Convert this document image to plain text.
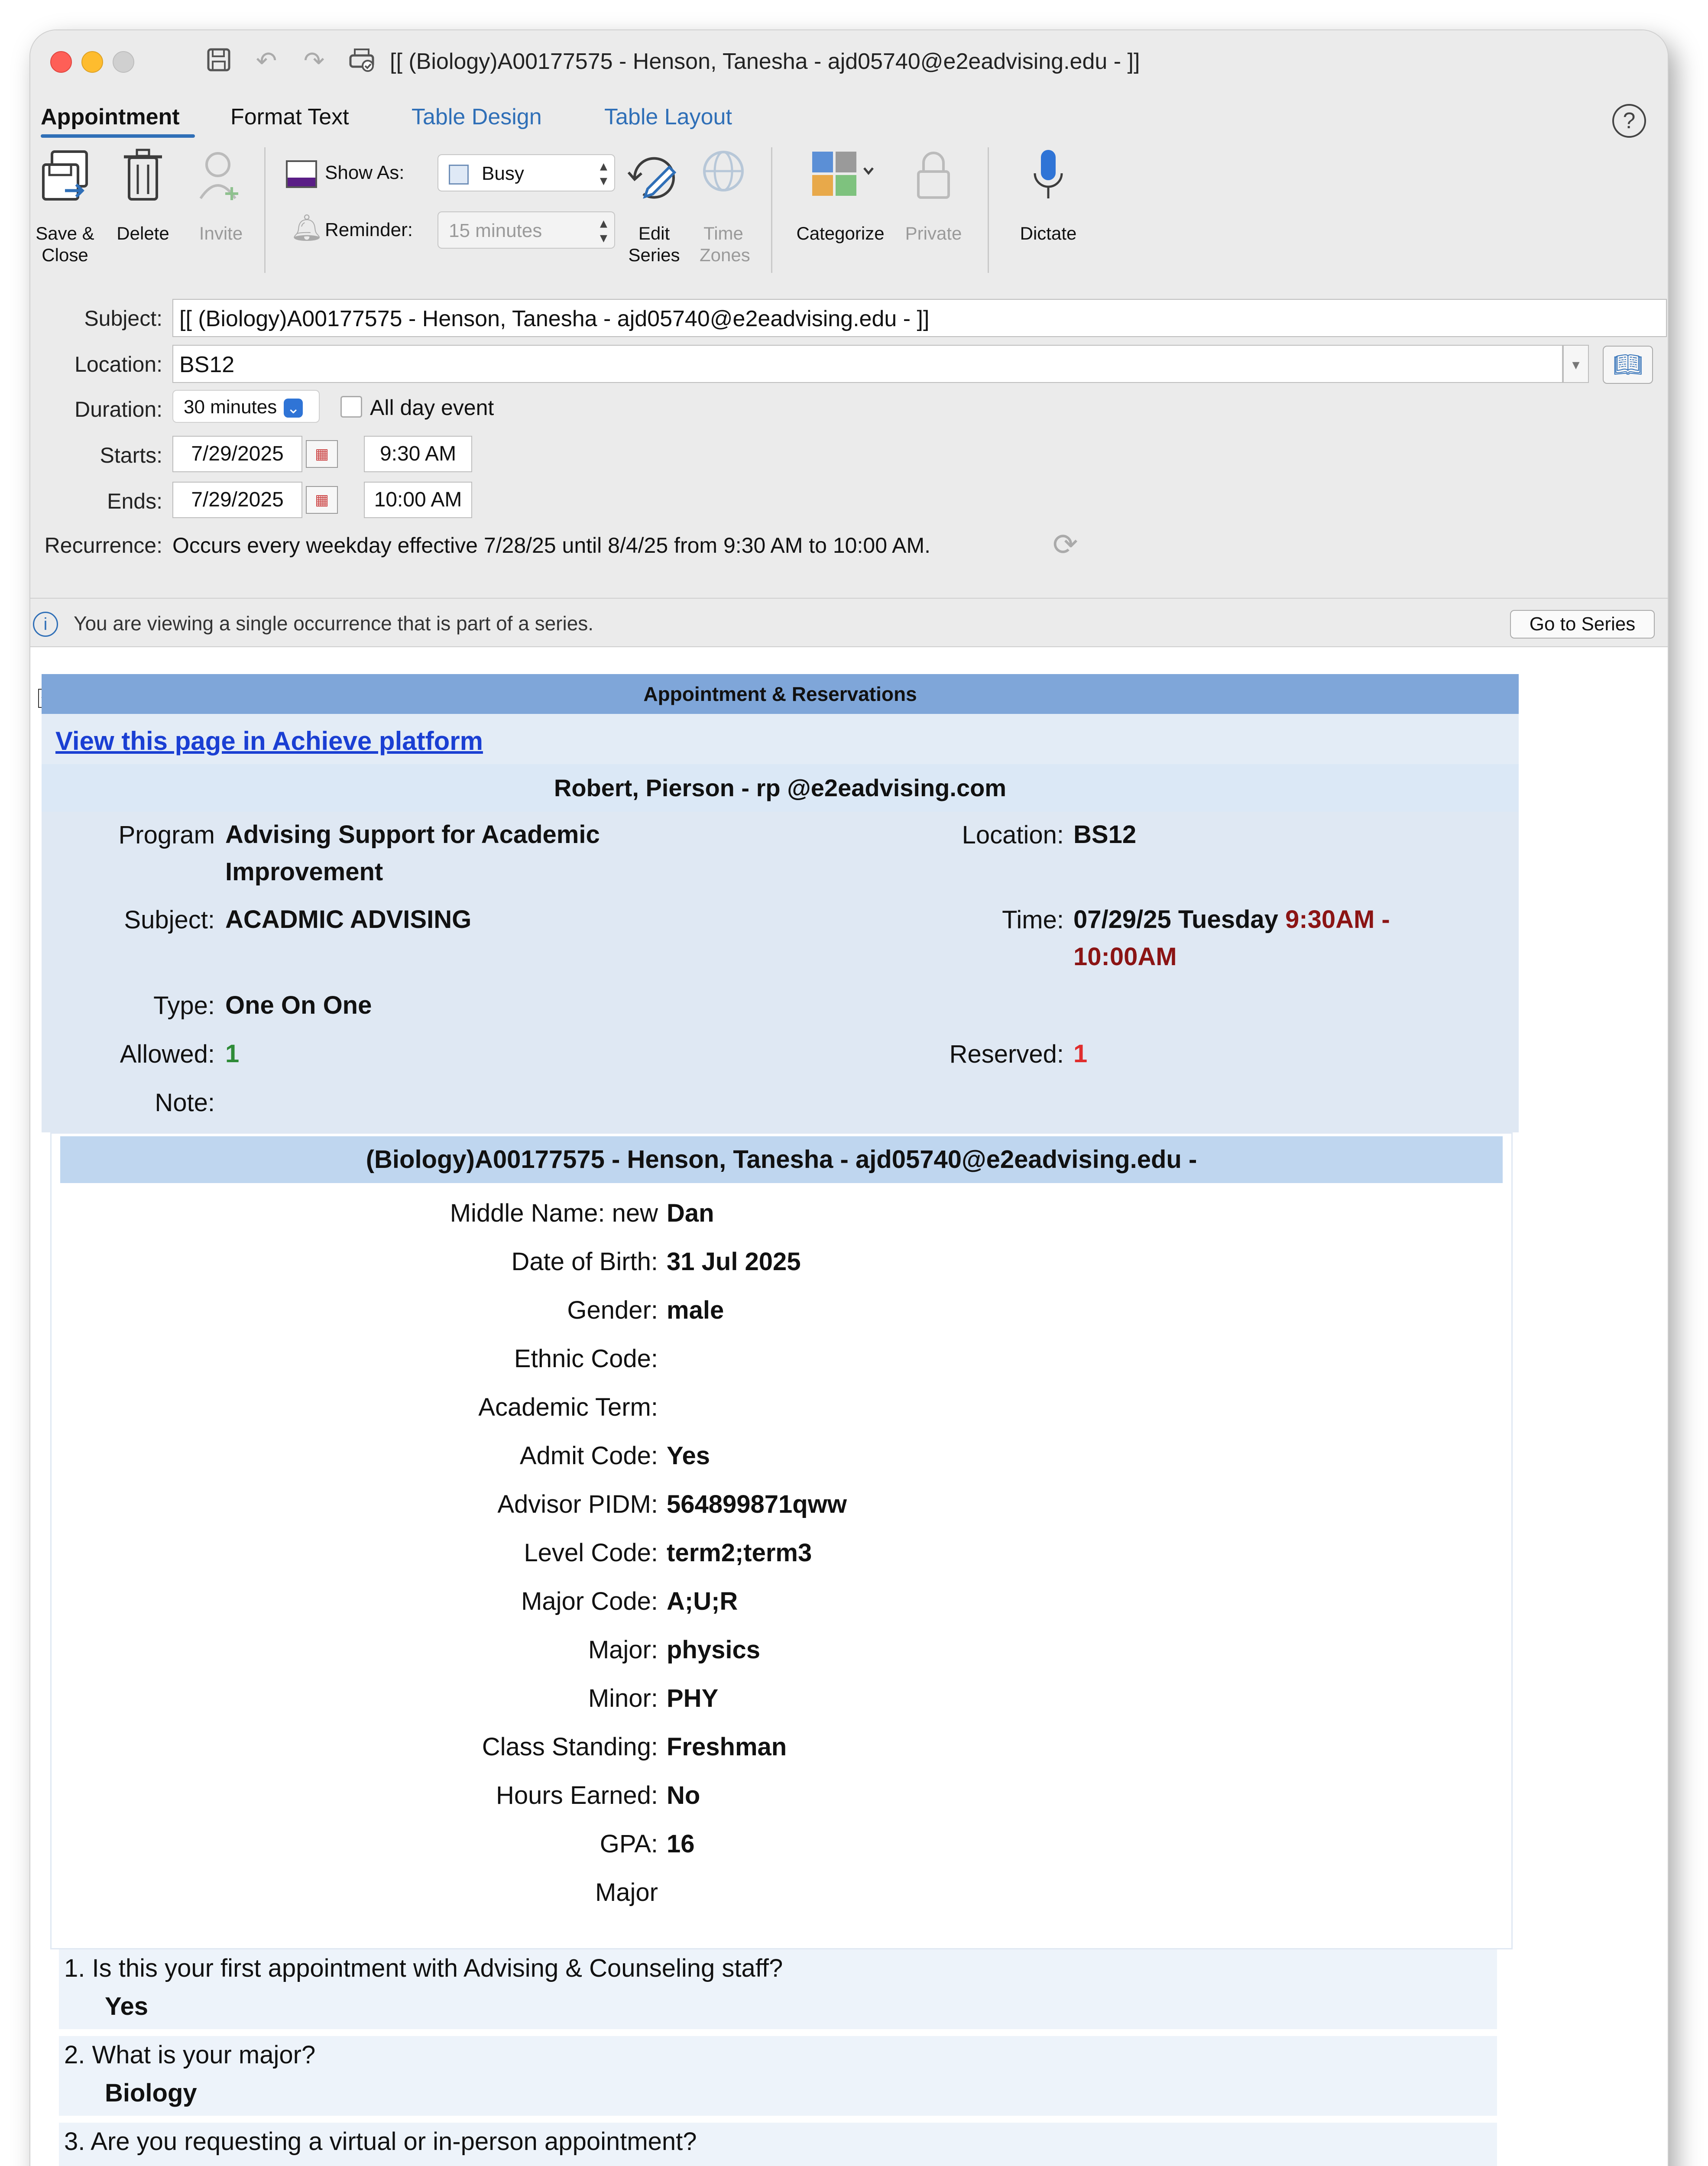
↶ ↷	[[ (Biology)A00177575 - Henson, Tanesha - ajd05740@e2eadvising.edu - ]]
Appointment Format Text	Table Design	Table Layout	?
Save & Close
Delete	Invite
Show As:	Busy	▴
▾
🔔︎ Reminder:	15 minutes	▴
▾	Edit Series
Time Zones
Categorize	Private	Dictate
Subject: [[ (Biology)A00177575 - Henson, Tanesha - ajd05740@e2eadvising.edu - ]]
Location: BS12	▾	📖︎
Duration:	30 minutes ⌄	All day event
Starts:	7/29/2025	▦	9:30 AM
Ends:	7/29/2025	▦	10:00 AM
Recurrence: Occurs every weekday effective 7/28/25 until 8/4/25 from 9:30 AM to 10:00 AM.	⟳
i	You are viewing a single occurrence that is part of a series.	Go to Series
Appointment & Reservations
View this page in Achieve platform
Robert, Pierson - rp @e2eadvising.com
Program Advising Support for Academic Improvement
Location: BS12
Subject: ACADMIC ADVISING	Time: 07/29/25 Tuesday 9:30AM - 10:00AM
Type: One On One
Allowed: 1	Reserved: 1
Note:
(Biology)A00177575 - Henson, Tanesha - ajd05740@e2eadvising.edu -
Middle Name: new Dan
Date of Birth: 31 Jul 2025
Gender: male
Ethnic Code:
Academic Term:
Admit Code: Yes
Advisor PIDM: 564899871qww
Level Code: term2;term3
Major Code: A;U;R
Major: physics
Minor: PHY
Class Standing: Freshman
Hours Earned: No
GPA: 16
Major
1. Is this your first appointment with Advising & Counseling staff?
Yes
2. What is your major?
Biology
3. Are you requesting a virtual or in-person appointment?
